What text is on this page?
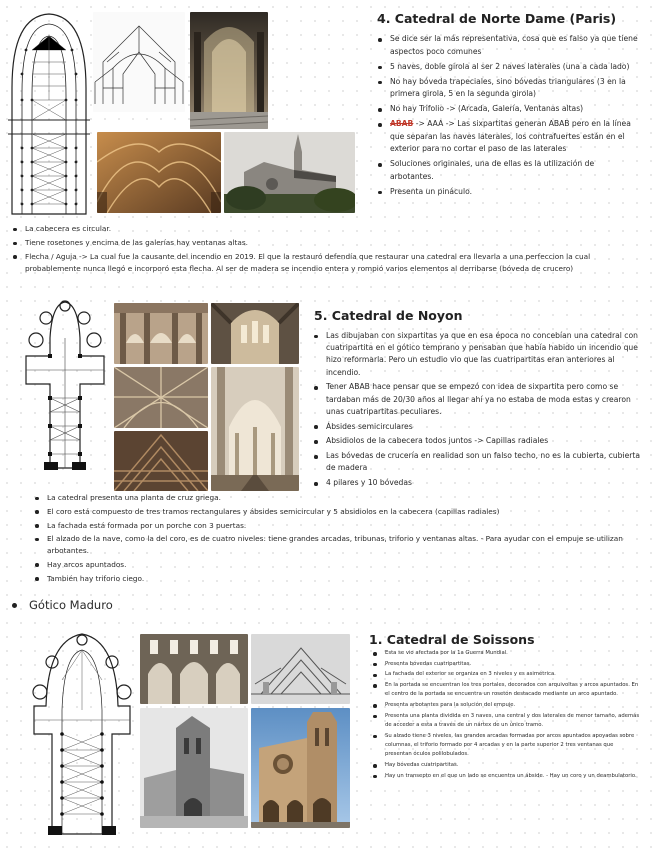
4. Catedral de Norte Dame (Paris)
Se dice ser la más representativa, cosa que es falso ya que tiene aspectos poco comunes
5 naves, doble girola al ser 2 naves laterales (una a cada lado)
No hay bóveda trapeciales, sino bóvedas triangulares (3 en la primera girola, 5 en la segunda girola)
No hay Trifolio -> (Arcada, Galería, Ventanas altas)
ABAB -> AAA -> Las sixpartitas generan ABAB pero en la línea que separan las naves laterales, los contrafuertes están en el exterior para no cortar el paso de las laterales
Soluciones originales, una de ellas es la utilización de arbotantes.
Presenta un pináculo.
La cabecera es circular.
Tiene rosetones y encima de las galerías hay ventanas altas.
Flecha / Aguja -> La cual fue la causante del incendio en 2019. El que la restauró defendía que restaurar una catedral era llevarla a una perfeccion la cual probablemente nunca llegó e incorporó esta flecha. Al ser de madera se incendio entera y rompió varios elementos al derribarse (bóveda de crucero)
5. Catedral de Noyon
Las dibujaban con sixpartitas ya que en esa época no concebían una catedral con cuatripartita en el gótico temprano y pensaban que había habido un incendio que hizo reformarla. Pero un estudio vio que las cuatripartitas eran anteriores al incendio.
Tener ABAB hace pensar que se empezó con idea de sixpartita pero como se tardaban más de 20/30 años al llegar ahí ya no estaba de moda estas y crearon unas cuatripartitas peculiares.
Ábsides semicirculares
Absidiolos de la cabecera todos juntos -> Capillas radiales
Las bóvedas de crucería en realidad son un falso techo, no es la cubierta, cubierta de madera
4 pilares y 10 bóvedas
La catedral presenta una planta de cruz griega.
El coro está compuesto de tres tramos rectangulares y ábsides semicircular y 5 absidiolos en la cabecera (capillas radiales)
La fachada está formada por un porche con 3 puertas.
El alzado de la nave, como la del coro, es de cuatro niveles: tiene grandes arcadas, tribunas, triforio y ventanas altas. - Para ayudar con el empuje se utilizan arbotantes.
Hay arcos apuntados.
También hay triforio ciego.
Gótico Maduro
1. Catedral de Soissons
Esta se vio afectada por la 1a Guerra Mundial.
Presenta bóvedas cuatripartitas.
La fachada del exterior se organiza en 3 niveles y es asimétrica.
En la portada se encuentran los tres portales, decorados con arquivoltas y arcos apuntados. En el centro de la portada se encuentra un rosetón destacado mediante un arco apuntado.
Presenta arbotantes para la solución del empuje.
Presenta una planta dividida en 3 naves, una central y dos laterales de menor tamaño, además de acceder a esta a través de un nártex de un único tramo.
Su alzado tiene 3 niveles, las grandes arcadas formadas por arcos apuntados apoyadas sobre columnas, el triforio formado por 4 arcadas y en la parte superior 2 tres ventanas que presentan óculos polilobulados.
Hay bóvedas cuatripartitas.
Hay un transepto en el que un lado se encuentra un ábside. - Hay un coro y un deambulatorio.
